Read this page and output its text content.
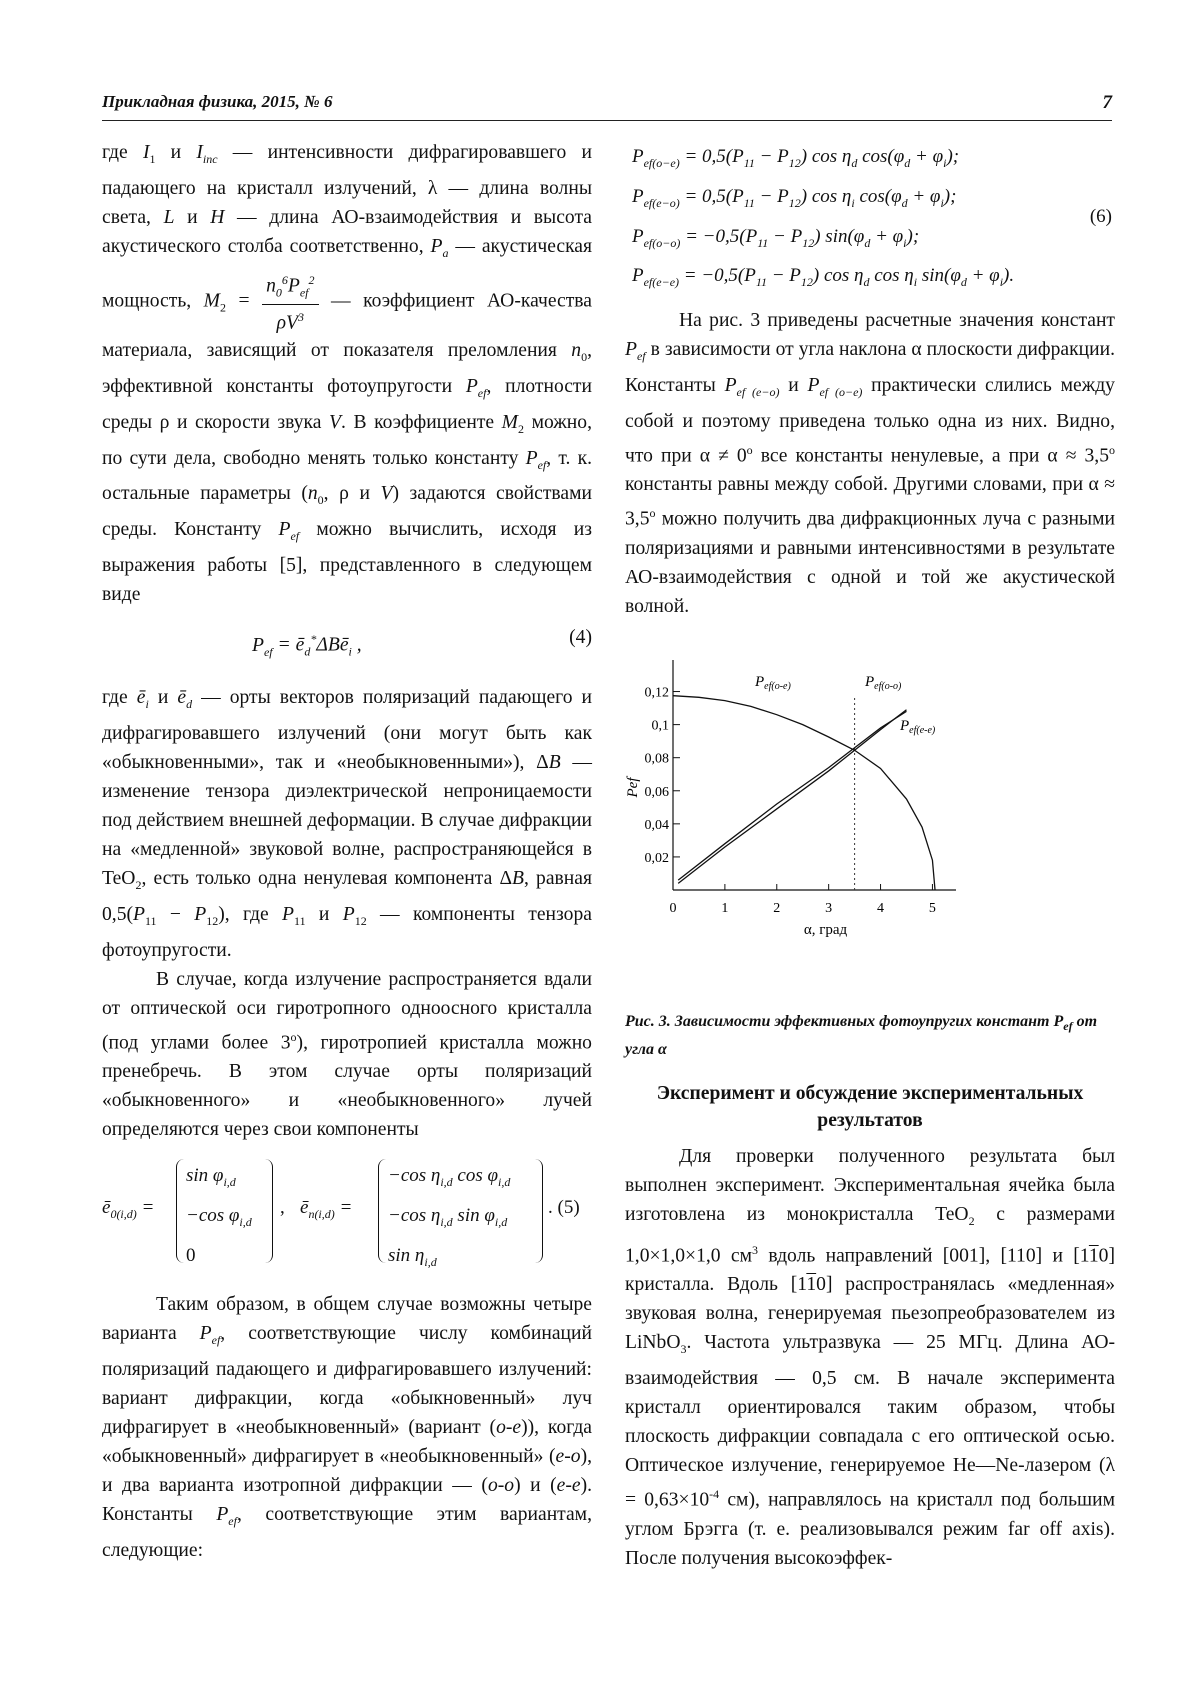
Прикладная физика, 2015, № 6	7

где $I_1$ и $I_{inc}$ — интенсивности дифрагировавшего и падающего на кристалл излучений, λ — длина волны света, L и H — длина АО-взаимодействия и высота акустического столба соответственно, $P_a$ — акустическая мощность, $M_2 = \frac{n_0^6P_{ef}^2}{\rho V^3}$ — коэффициент АО-качества материала, зависящий от показателя преломления $n_0$, эффективной константы фотоупругости $P_{ef}$, плотности среды ρ и скорости звука V. В коэффициенте $M_2$ можно, по сути дела, свободно менять только константу $P_{ef}$, т. к. остальные параметры ($n_0$, ρ и V) задаются свойствами среды. Константу $P_{ef}$ можно вычислить, исходя из выражения работы [5], представленного в следующем виде

$P_{ef}$ = $ē_d^*\Delta Bē_i$ ,	(4)

где $ē_i$ и $ē_d$ — орты векторов поляризаций падающего и дифрагировавшего излучений (они могут быть как «обыкновенными», так и «необыкновенными»), ΔB — изменение тензора диэлектрической непроницаемости под действием внешней деформации. В случае дифракции на «медленной» звуковой волне, распространяющейся в TeO$_2$, есть только одна ненулевая компонента ΔB, равная $0,5(P_{11} - P_{12})$, где $P_{11}$ и $P_{12}$ — компоненты тензора фотоупругости.

В случае, когда излучение распространяется вдали от оптической оси гиротропного одноосного кристалла (под углами более 3$^o$), гиротропией кристалла можно пренебречь. В этом случае орты поляризаций «обыкновенного» и «необыкновенного» лучей определяются через свои компоненты

$ē_{0(i,d)}$ =
$\sin \varphi_{i,d}$
−cos $\varphi_{i,d}$
0
, $ē_{n(i,d)}$ =
−cos $\eta_{i,d}$ $\cos \varphi_{i,d}$
−cos $\eta_{i,d}$ $\sin \varphi_{i,d}$
$\sin \eta_{i,d}$
. (5)

Таким образом, в общем случае возможны четыре варианта $P_{ef}$, соответствующие числу комбинаций поляризаций падающего и дифрагировавшего излучений: вариант дифракции, когда «обыкновенный» луч дифрагирует в «необыкновенный» (вариант (o-e)), когда «обыкновенный» дифрагирует в «необыкновенный» (e-o), и два варианта изотропной дифракции — (o-o) и (e-e). Константы $P_{ef}$, соответствующие этим вариантам, следующие:

$P_{ef(o-e)} = 0,5(P_{11} - P_{12})$ $\cos \eta_d$ $\cos(\varphi_d + \varphi_i)$;
$P_{ef(e-o)} = 0,5(P_{11} - P_{12})$ $\cos \eta_i$ $\cos(\varphi_d + \varphi_i)$;
$P_{ef(o-o)} = -0,5(P_{11} - P_{12}) \sin(\varphi_d + \varphi_i)$;
$P_{ef(e-e)} = -0,5(P_{11} - P_{12})$ $\cos \eta_d$ $\cos \eta_i$ $\sin(\varphi_d + \varphi_i)$.
(6)

На рис. 3 приведены расчетные значения констант $P_{ef}$ в зависимости от угла наклона α плоскости дифракции. Константы $P_{ef (e-o)}$ и $P_{ef (o-e)}$ практически слились между собой и поэтому приведена только одна из них. Видно, что при $\alpha \ne 0^o$ все константы ненулевые, а при $\alpha \approx 3,5^o$ константы равны между собой. Другими словами, при $\alpha \approx 3,5^o$ можно получить два дифракционных луча с разными поляризациями и равными интенсивностями в результате АО-взаимодействия с одной и той же акустической волной.

0	1	2	3	4	5
0,02
0,04
0,06
0,08
0,1
0,12
α, град
Pef
$P_{ef(o-e)}$	$P_{ef(o-o)}$
$P_{ef(e-e)}$
Рис. 3. Зависимости эффективных фотоупругих констант $P_{ef}$ от угла α
Эксперимент и обсуждение экспериментальных результатов

Для проверки полученного результата был выполнен эксперимент. Экспериментальная ячейка была изготовлена из монокристалла TeO$_2$ с размерами 1,0×1,0×1,0 $см^3$ вдоль направлений [001], [110] и [110] кристалла. Вдоль [110] распространялась «медленная» звуковая волна, генерируемая пьезопреобразователем из LiNbO$_3$. Частота ультразвука — 25 МГц. Длина АО-взаимодействия — 0,5 см. В начале эксперимента кристалл ориентировался таким образом, чтобы плоскость дифракции совпадала с его оптической осью. Оптическое излучение, генерируемое He—Ne-лазером ($\lambda = 0,63\times 10^{-4}$ см), направлялось на кристалл под большим углом Брэгга (т. е. реализовывался режим far off axis). После получения высокоэффек-
